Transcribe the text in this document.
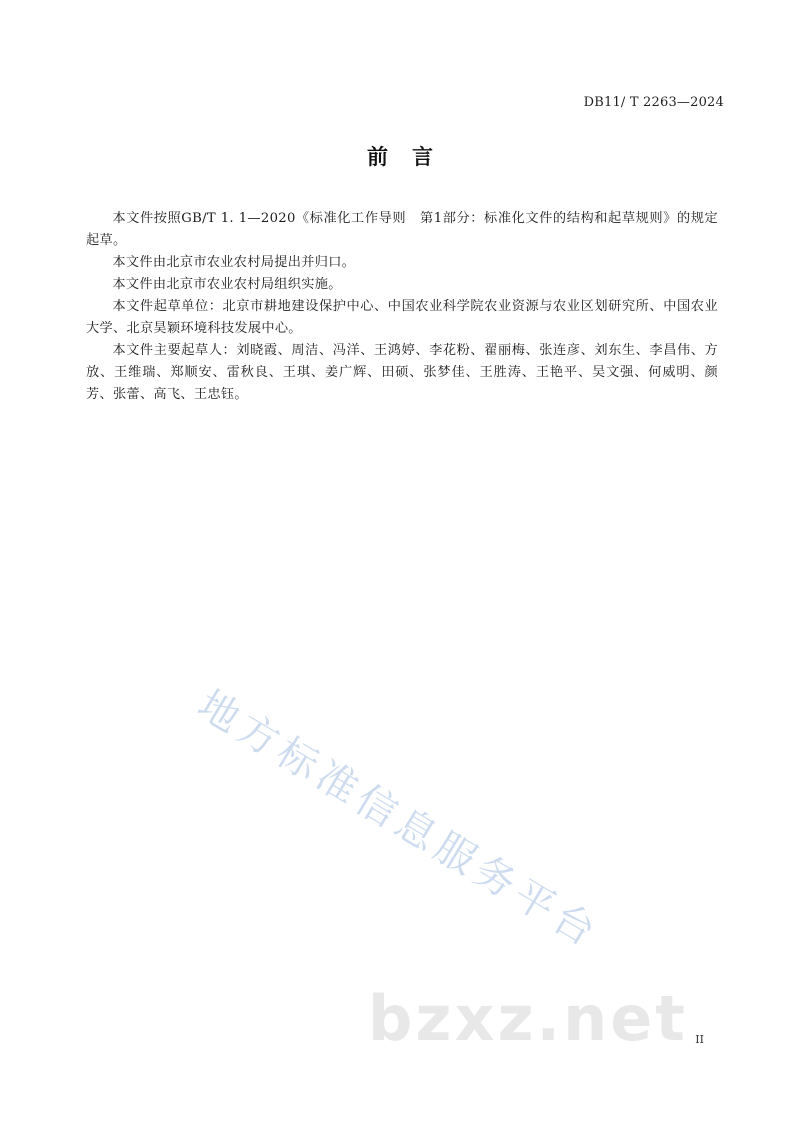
DB11/ T 2263—2024
前言

本文件按照GB/T 1. 1—2020《标准化工作导则　第1部分：标准化文件的结构和起草规则》的规定起草。

本文件由北京市农业农村局提出并归口。

本文件由北京市农业农村局组织实施。

本文件起草单位：北京市耕地建设保护中心、中国农业科学院农业资源与农业区划研究所、中国农业大学、北京昊颖环境科技发展中心。

本文件主要起草人：刘晓霞、周洁、冯洋、王鸿婷、李花粉、翟丽梅、张连彦、刘东生、李昌伟、方放、王维瑞、郑顺安、雷秋良、王琪、姜广辉、田硕、张梦佳、王胜涛、王艳平、吴文强、何威明、颜芳、张蕾、高飞、王忠钰。

地方标准信息服务平台
bzxz.net II
